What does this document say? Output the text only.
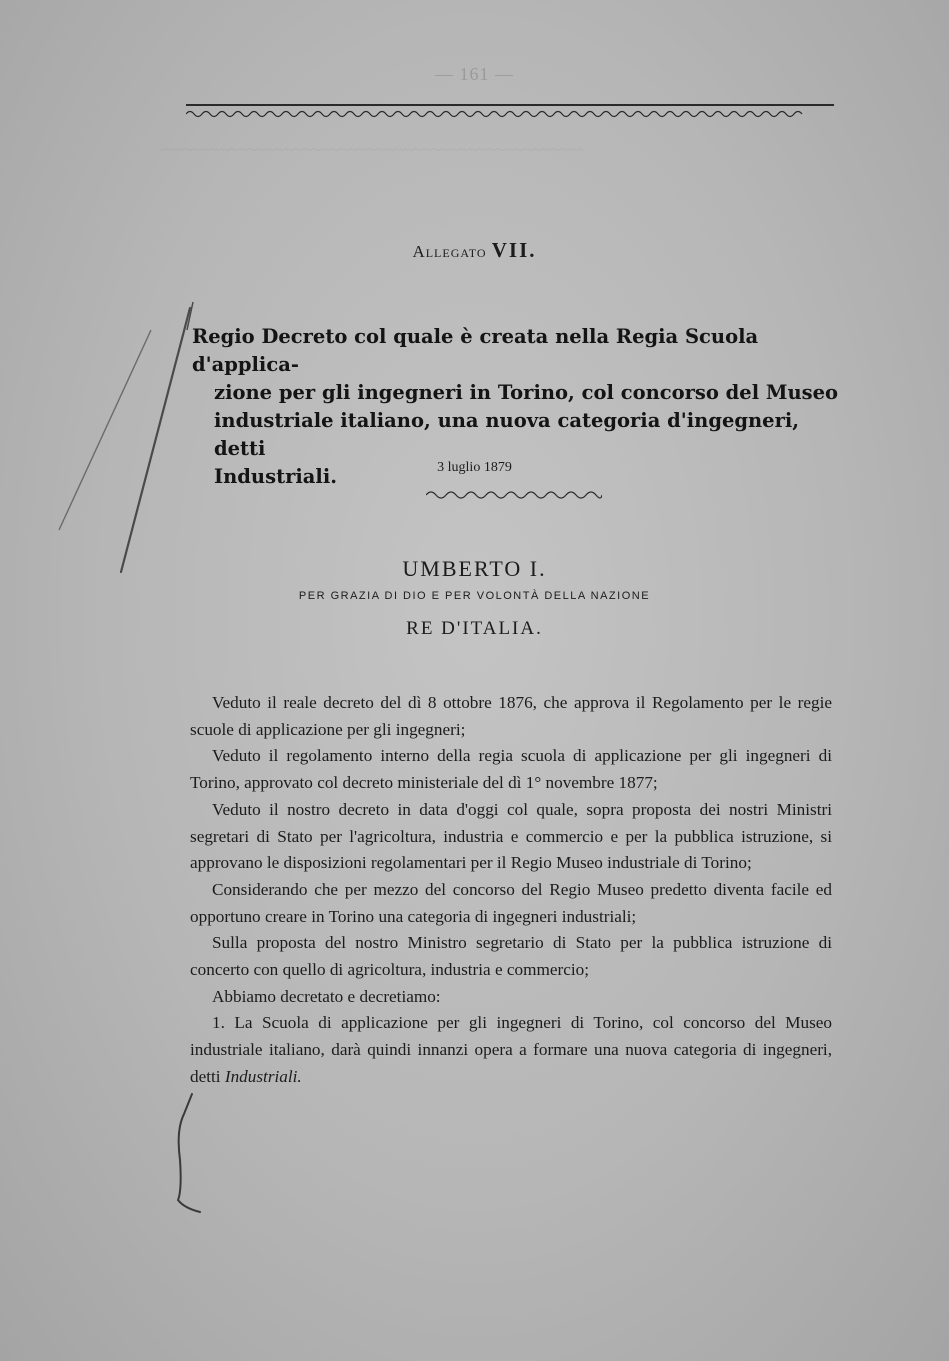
~~~~~~~~~~~~~~~~~~~~~~~~~~~~~~~~~~~~~~~~~~~~~~
— 161 —
Allegato VII.
Regio Decreto col quale è creata nella Regia Scuola d'applica-
zione per gli ingegneri in Torino, col concorso del Museo
industriale italiano, una nuova categoria d'ingegneri, detti
Industriali.	3 luglio 1879
UMBERTO I.
PER GRAZIA DI DIO E PER VOLONTÀ DELLA NAZIONE
RE D'ITALIA.

Veduto il reale decreto del dì 8 ottobre 1876, che approva il Regolamento per le regie scuole di applicazione per gli ingegneri;

Veduto il regolamento interno della regia scuola di applicazione per gli ingegneri di Torino, approvato col decreto ministeriale del dì 1° novembre 1877;

Veduto il nostro decreto in data d'oggi col quale, sopra proposta dei nostri Ministri segretari di Stato per l'agricoltura, industria e commercio e per la pubblica istruzione, si approvano le disposizioni regolamentari per il Regio Museo industriale di Torino;

Considerando che per mezzo del concorso del Regio Museo predetto diventa facile ed opportuno creare in Torino una categoria di ingegneri industriali;

Sulla proposta del nostro Ministro segretario di Stato per la pubblica istruzione di concerto con quello di agricoltura, industria e commercio;

Abbiamo decretato e decretiamo:

1. La Scuola di applicazione per gli ingegneri di Torino, col concorso del Museo industriale italiano, darà quindi innanzi opera a formare una nuova categoria di ingegneri, detti Industriali.
